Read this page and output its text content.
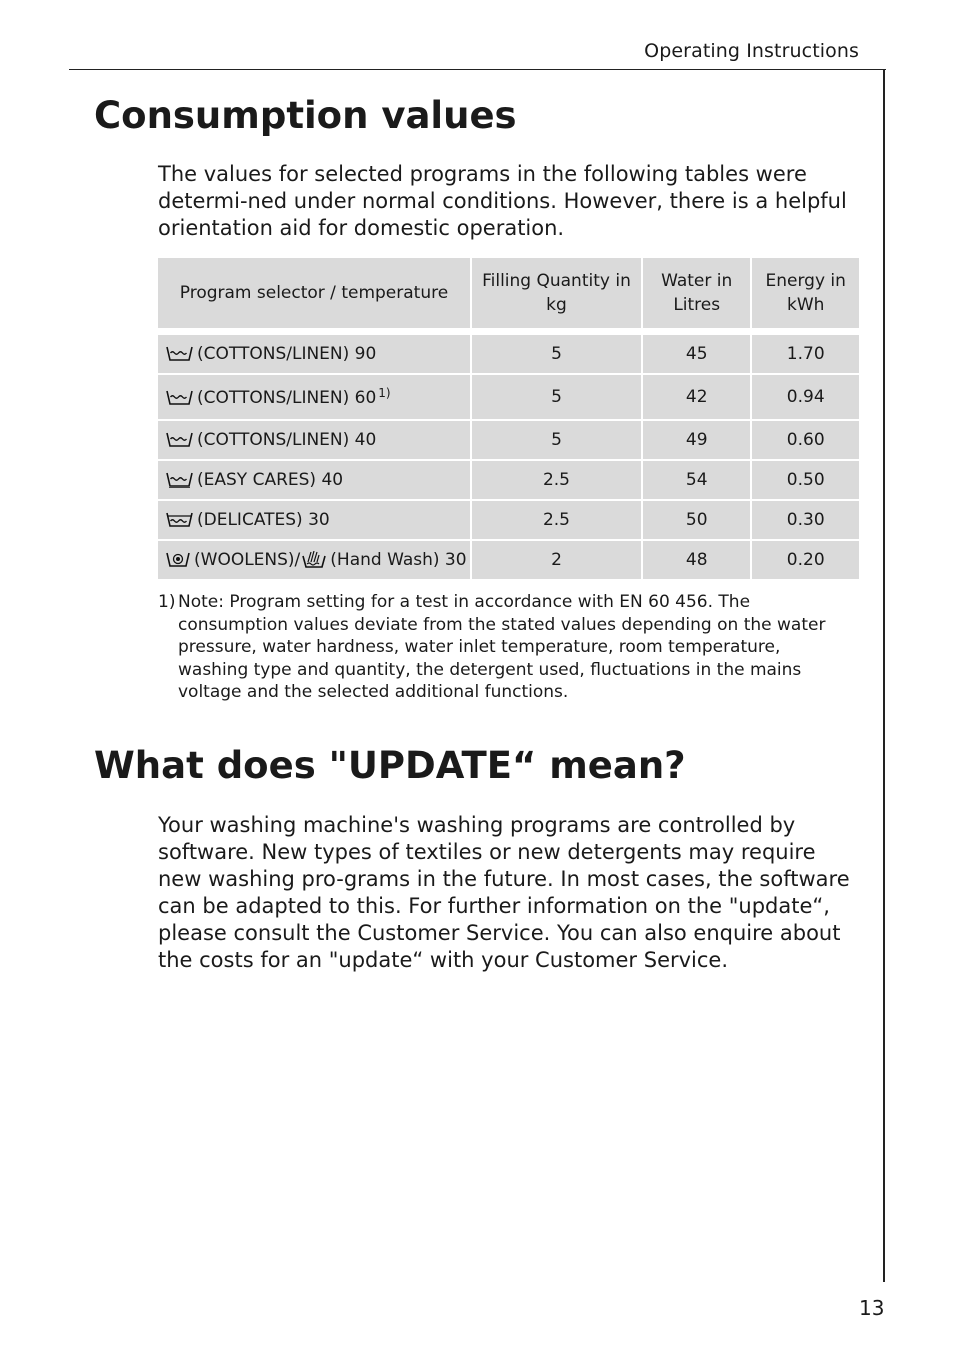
Operating Instructions
Consumption values

The values for selected programs in the following tables were determi-ned under normal conditions. However, there is a helpful orientation aid for domestic operation.

Program selector / temperature	Filling Quantity in kg	Water in Litres	Energy in kWh

(COTTONS/LINEN) 90	5	45	1.70

(COTTONS/LINEN) 60 $^{1)}$	5	42	0.94

(COTTONS/LINEN) 40	5	49	0.60

(EASY CARES) 40	2.5	54	0.50

(DELICATES) 30	2.5	50	0.30

(WOOLENS)/ (Hand Wash) 30	2	48	0.20
1) Note: Program setting for a test in accordance with EN 60 456. The consumption values deviate from the stated values depending on the water pressure, water hardness, water inlet temperature, room temperature, washing type and quantity, the detergent used, fluctuations in the mains voltage and the selected additional functions.
What does "UPDATE“ mean?

Your washing machine's washing programs are controlled by software. New types of textiles or new detergents may require new washing pro-grams in the future. In most cases, the software can be adapted to this. For further information on the "update“, please consult the Customer Service. You can also enquire about the costs for an "update“ with your Customer Service.

13
